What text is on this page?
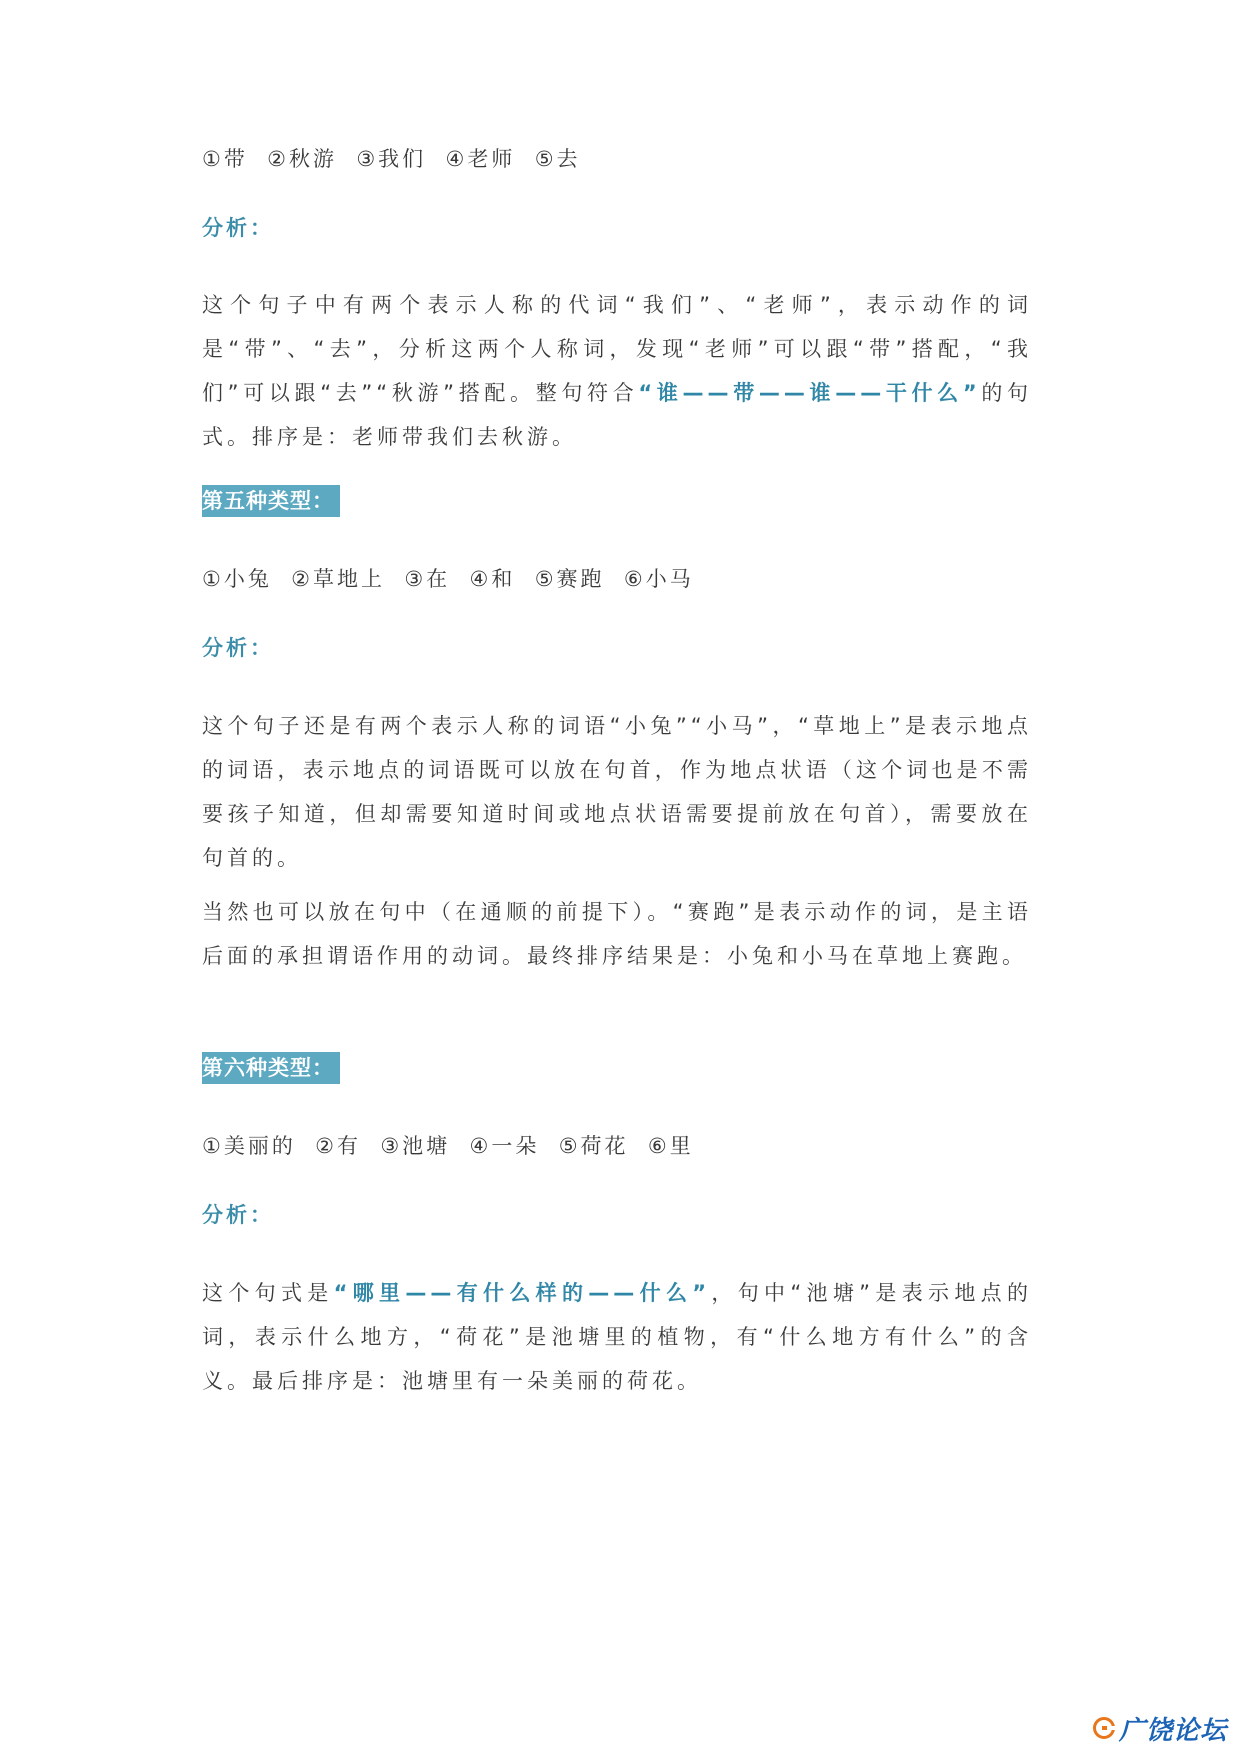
①带  ②秋游  ③我们  ④老师  ⑤去

分析：

这个句子中有两个表示人称的代词“我们”、“老师”，表示动作的词是“带”、“去”，分析这两个人称词，发现“老师”可以跟“带”搭配，“我们”可以跟“去”“秋游”搭配。整句符合“谁——带——谁——干什么”的句式。排序是：老师带我们去秋游。

第五种类型：

①小兔  ②草地上  ③在  ④和  ⑤赛跑  ⑥小马

分析：

这个句子还是有两个表示人称的词语“小兔”“小马”，“草地上”是表示地点的词语，表示地点的词语既可以放在句首，作为地点状语（这个词也是不需要孩子知道，但却需要知道时间或地点状语需要提前放在句首），需要放在句首的。

当然也可以放在句中（在通顺的前提下）。“赛跑”是表示动作的词，是主语后面的承担谓语作用的动词。最终排序结果是：小兔和小马在草地上赛跑。

第六种类型：

①美丽的  ②有  ③池塘  ④一朵  ⑤荷花  ⑥里

分析：

这个句式是“哪里——有什么样的——什么”，句中“池塘”是表示地点的词，表示什么地方，“荷花”是池塘里的植物，有“什么地方有什么”的含义。最后排序是：池塘里有一朵美丽的荷花。

广饶论坛
